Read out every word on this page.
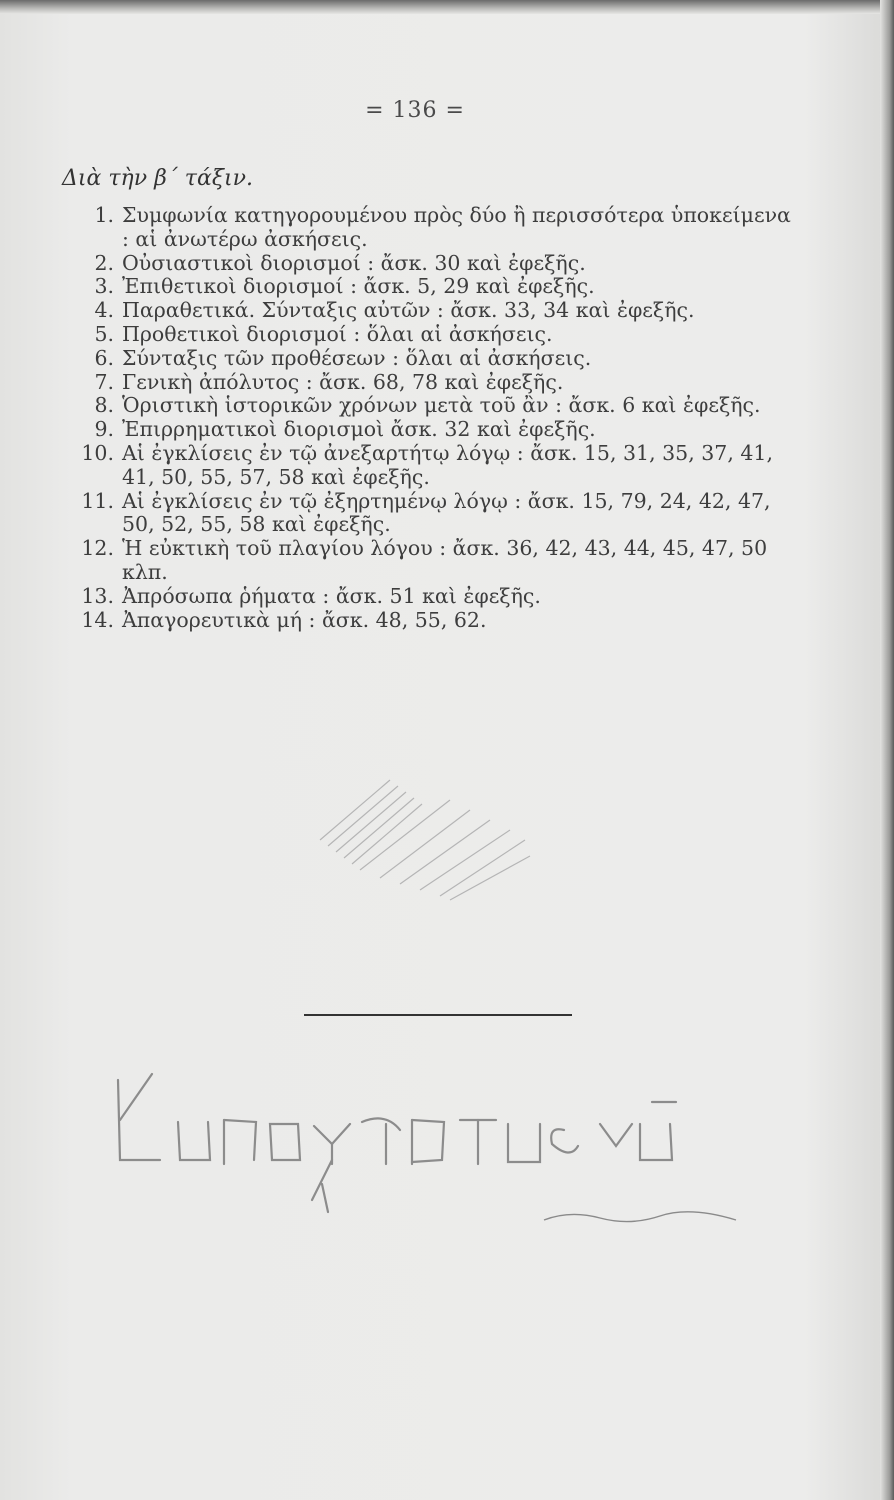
= 136 =
Διὰ τὴν β΄ τάξιν.
1. Συμφωνία κατηγορουμένου πρὸς δύο ἢ περισσότερα ὑποκείμενα : αἱ ἀνωτέρω ἀσκήσεις.
2. Οὐσιαστικοὶ διορισμοί : ἄσκ. 30 καὶ ἐφεξῆς.
3. Ἐπιθετικοὶ διορισμοί : ἄσκ. 5, 29 καὶ ἐφεξῆς.
4. Παραθετικά. Σύνταξις αὐτῶν : ἄσκ. 33, 34 καὶ ἐφεξῆς.
5. Προθετικοὶ διορισμοί : ὅλαι αἱ ἀσκήσεις.
6. Σύνταξις τῶν προθέσεων : ὅλαι αἱ ἀσκήσεις.
7. Γενικὴ ἀπόλυτος : ἄσκ. 68, 78 καὶ ἐφεξῆς.
8. Ὁριστικὴ ἱστορικῶν χρόνων μετὰ τοῦ ἂν : ἄσκ. 6 καὶ ἐφεξῆς.
9. Ἐπιρρηματικοὶ διορισμοὶ ἄσκ. 32 καὶ ἐφεξῆς.
10. Αἱ ἐγκλίσεις ἐν τῷ ἀνεξαρτήτῳ λόγῳ : ἄσκ. 15, 31, 35, 37, 41, 41, 50, 55, 57, 58 καὶ ἐφεξῆς.
11. Αἱ ἐγκλίσεις ἐν τῷ ἐξηρτημένῳ λόγῳ : ἄσκ. 15, 79, 24, 42, 47, 50, 52, 55, 58 καὶ ἐφεξῆς.
12. Ἡ εὐκτικὴ τοῦ πλαγίου λόγου : ἄσκ. 36, 42, 43, 44, 45, 47, 50 κλπ.
13. Ἀπρόσωπα ῥήματα : ἄσκ. 51 καὶ ἐφεξῆς.
14. Ἀπαγορευτικὰ μή : ἄσκ. 48, 55, 62.
